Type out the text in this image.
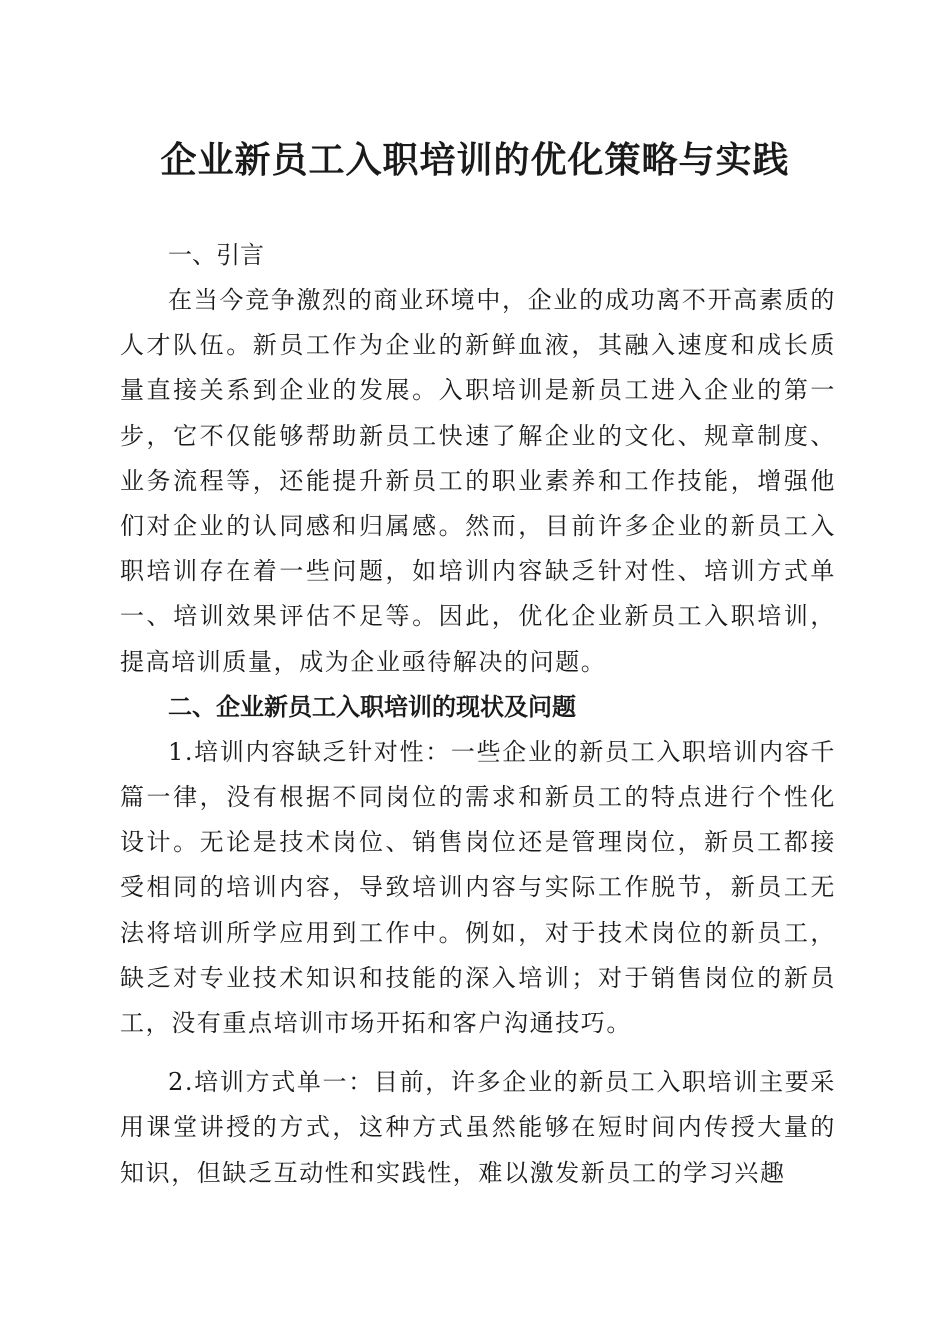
企业新员工入职培训的优化策略与实践
一、引言

在当今竞争激烈的商业环境中，企业的成功离不开高素质的人才队伍。新员工作为企业的新鲜血液，其融入速度和成长质量直接关系到企业的发展。入职培训是新员工进入企业的第一步，它不仅能够帮助新员工快速了解企业的文化、规章制度、业务流程等，还能提升新员工的职业素养和工作技能，增强他们对企业的认同感和归属感。然而，目前许多企业的新员工入职培训存在着一些问题，如培训内容缺乏针对性、培训方式单一、培训效果评估不足等。因此，优化企业新员工入职培训，提高培训质量，成为企业亟待解决的问题。

二、企业新员工入职培训的现状及问题

1.培训内容缺乏针对性：一些企业的新员工入职培训内容千篇一律，没有根据不同岗位的需求和新员工的特点进行个性化设计。无论是技术岗位、销售岗位还是管理岗位，新员工都接受相同的培训内容，导致培训内容与实际工作脱节，新员工无法将培训所学应用到工作中。例如，对于技术岗位的新员工，缺乏对专业技术知识和技能的深入培训；对于销售岗位的新员工，没有重点培训市场开拓和客户沟通技巧。

2.培训方式单一：目前，许多企业的新员工入职培训主要采用课堂讲授的方式，这种方式虽然能够在短时间内传授大量的知识，但缺乏互动性和实践性，难以激发新员工的学习兴趣
